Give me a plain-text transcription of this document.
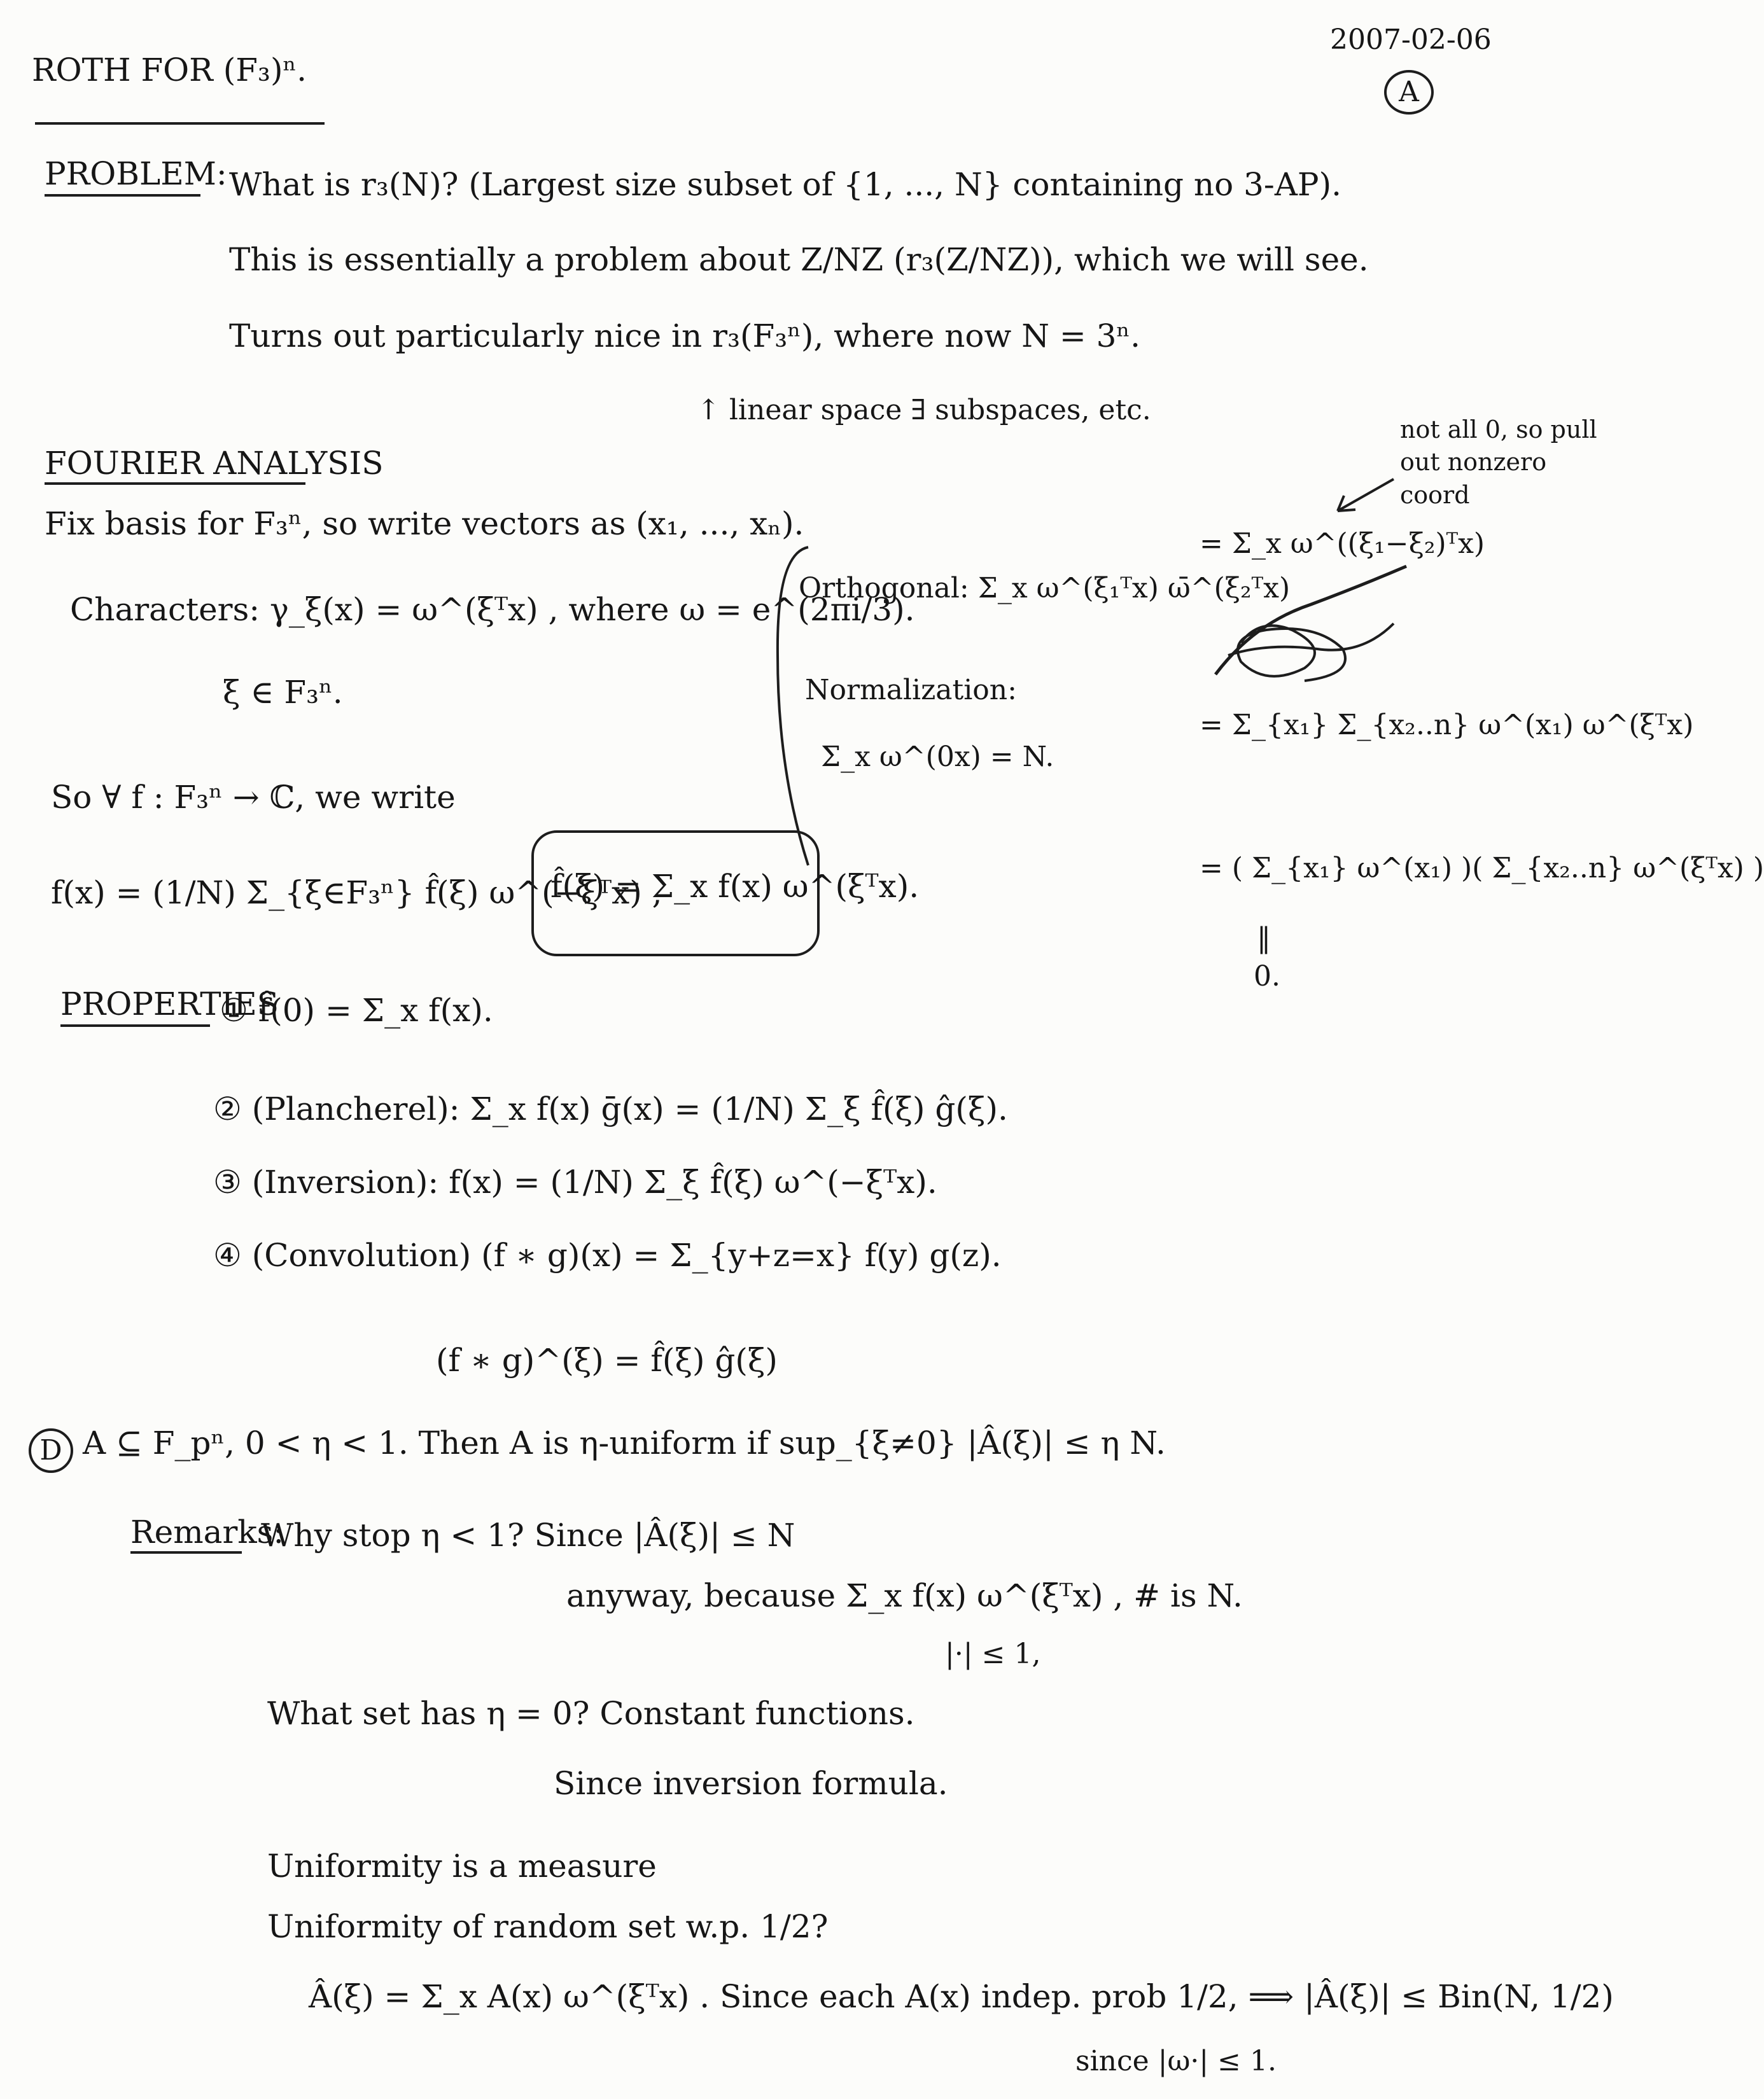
ROTH FOR (F₃)ⁿ.
2007-02-06
A
PROBLEM: What is r₃(N)? (Largest size subset of {1, ..., N} containing no 3-AP).
This is essentially a problem about Z/NZ (r₃(Z/NZ)), which we will see.
Turns out particularly nice in r₃(F₃ⁿ), where now N = 3ⁿ.
↑ linear space ∃ subspaces, etc.
FOURIER ANALYSIS
Fix basis for F₃ⁿ, so write vectors as (x₁, ..., xₙ).
Characters: γ_ξ(x) = ω^(ξᵀx) , where ω = e^(2πi/3).
ξ ∈ F₃ⁿ.
So ∀ f : F₃ⁿ → ℂ, we write
f(x) = (1/N) Σ_{ξ∈F₃ⁿ} f̂(ξ) ω^(−ξᵀx) ,
f̂(ξ) = Σ_x f(x) ω^(ξᵀx).
Orthogonal: Σ_x ω^(ξ₁ᵀx) ω̄^(ξ₂ᵀx)
Normalization:
Σ_x ω^(0x) = N.
not all 0, so pull out nonzero coord
= Σ_x ω^((ξ₁−ξ₂)ᵀx)
= Σ_{x₁} Σ_{x₂..n} ω^(x₁) ω^(ξᵀx)
= ( Σ_{x₁} ω^(x₁) )( Σ_{x₂..n} ω^(ξᵀx) )
‖
0.
PROPERTIES
① f̂(0) = Σ_x f(x).
② (Plancherel): Σ_x f(x) ḡ(x) = (1/N) Σ_ξ f̂(ξ) ĝ(ξ).
③ (Inversion): f(x) = (1/N) Σ_ξ f̂(ξ) ω^(−ξᵀx).
④ (Convolution) (f ∗ g)(x) = Σ_{y+z=x} f(y) g(z).
(f ∗ g)^(ξ) = f̂(ξ) ĝ(ξ)
D A ⊆ F_pⁿ, 0 < η < 1. Then A is η-uniform if sup_{ξ≠0} |Â(ξ)| ≤ η N.
Remarks:
Why stop η < 1? Since |Â(ξ)| ≤ N
anyway, because Σ_x f(x) ω^(ξᵀx) , # is N.
|·| ≤ 1,
What set has η = 0? Constant functions.
Since inversion formula.
Uniformity is a measure
Uniformity of random set w.p. 1/2?
Â(ξ) = Σ_x A(x) ω^(ξᵀx) . Since each A(x) indep. prob 1/2, ⟹ |Â(ξ)| ≤ Bin(N, 1/2)
since |ω·| ≤ 1.
